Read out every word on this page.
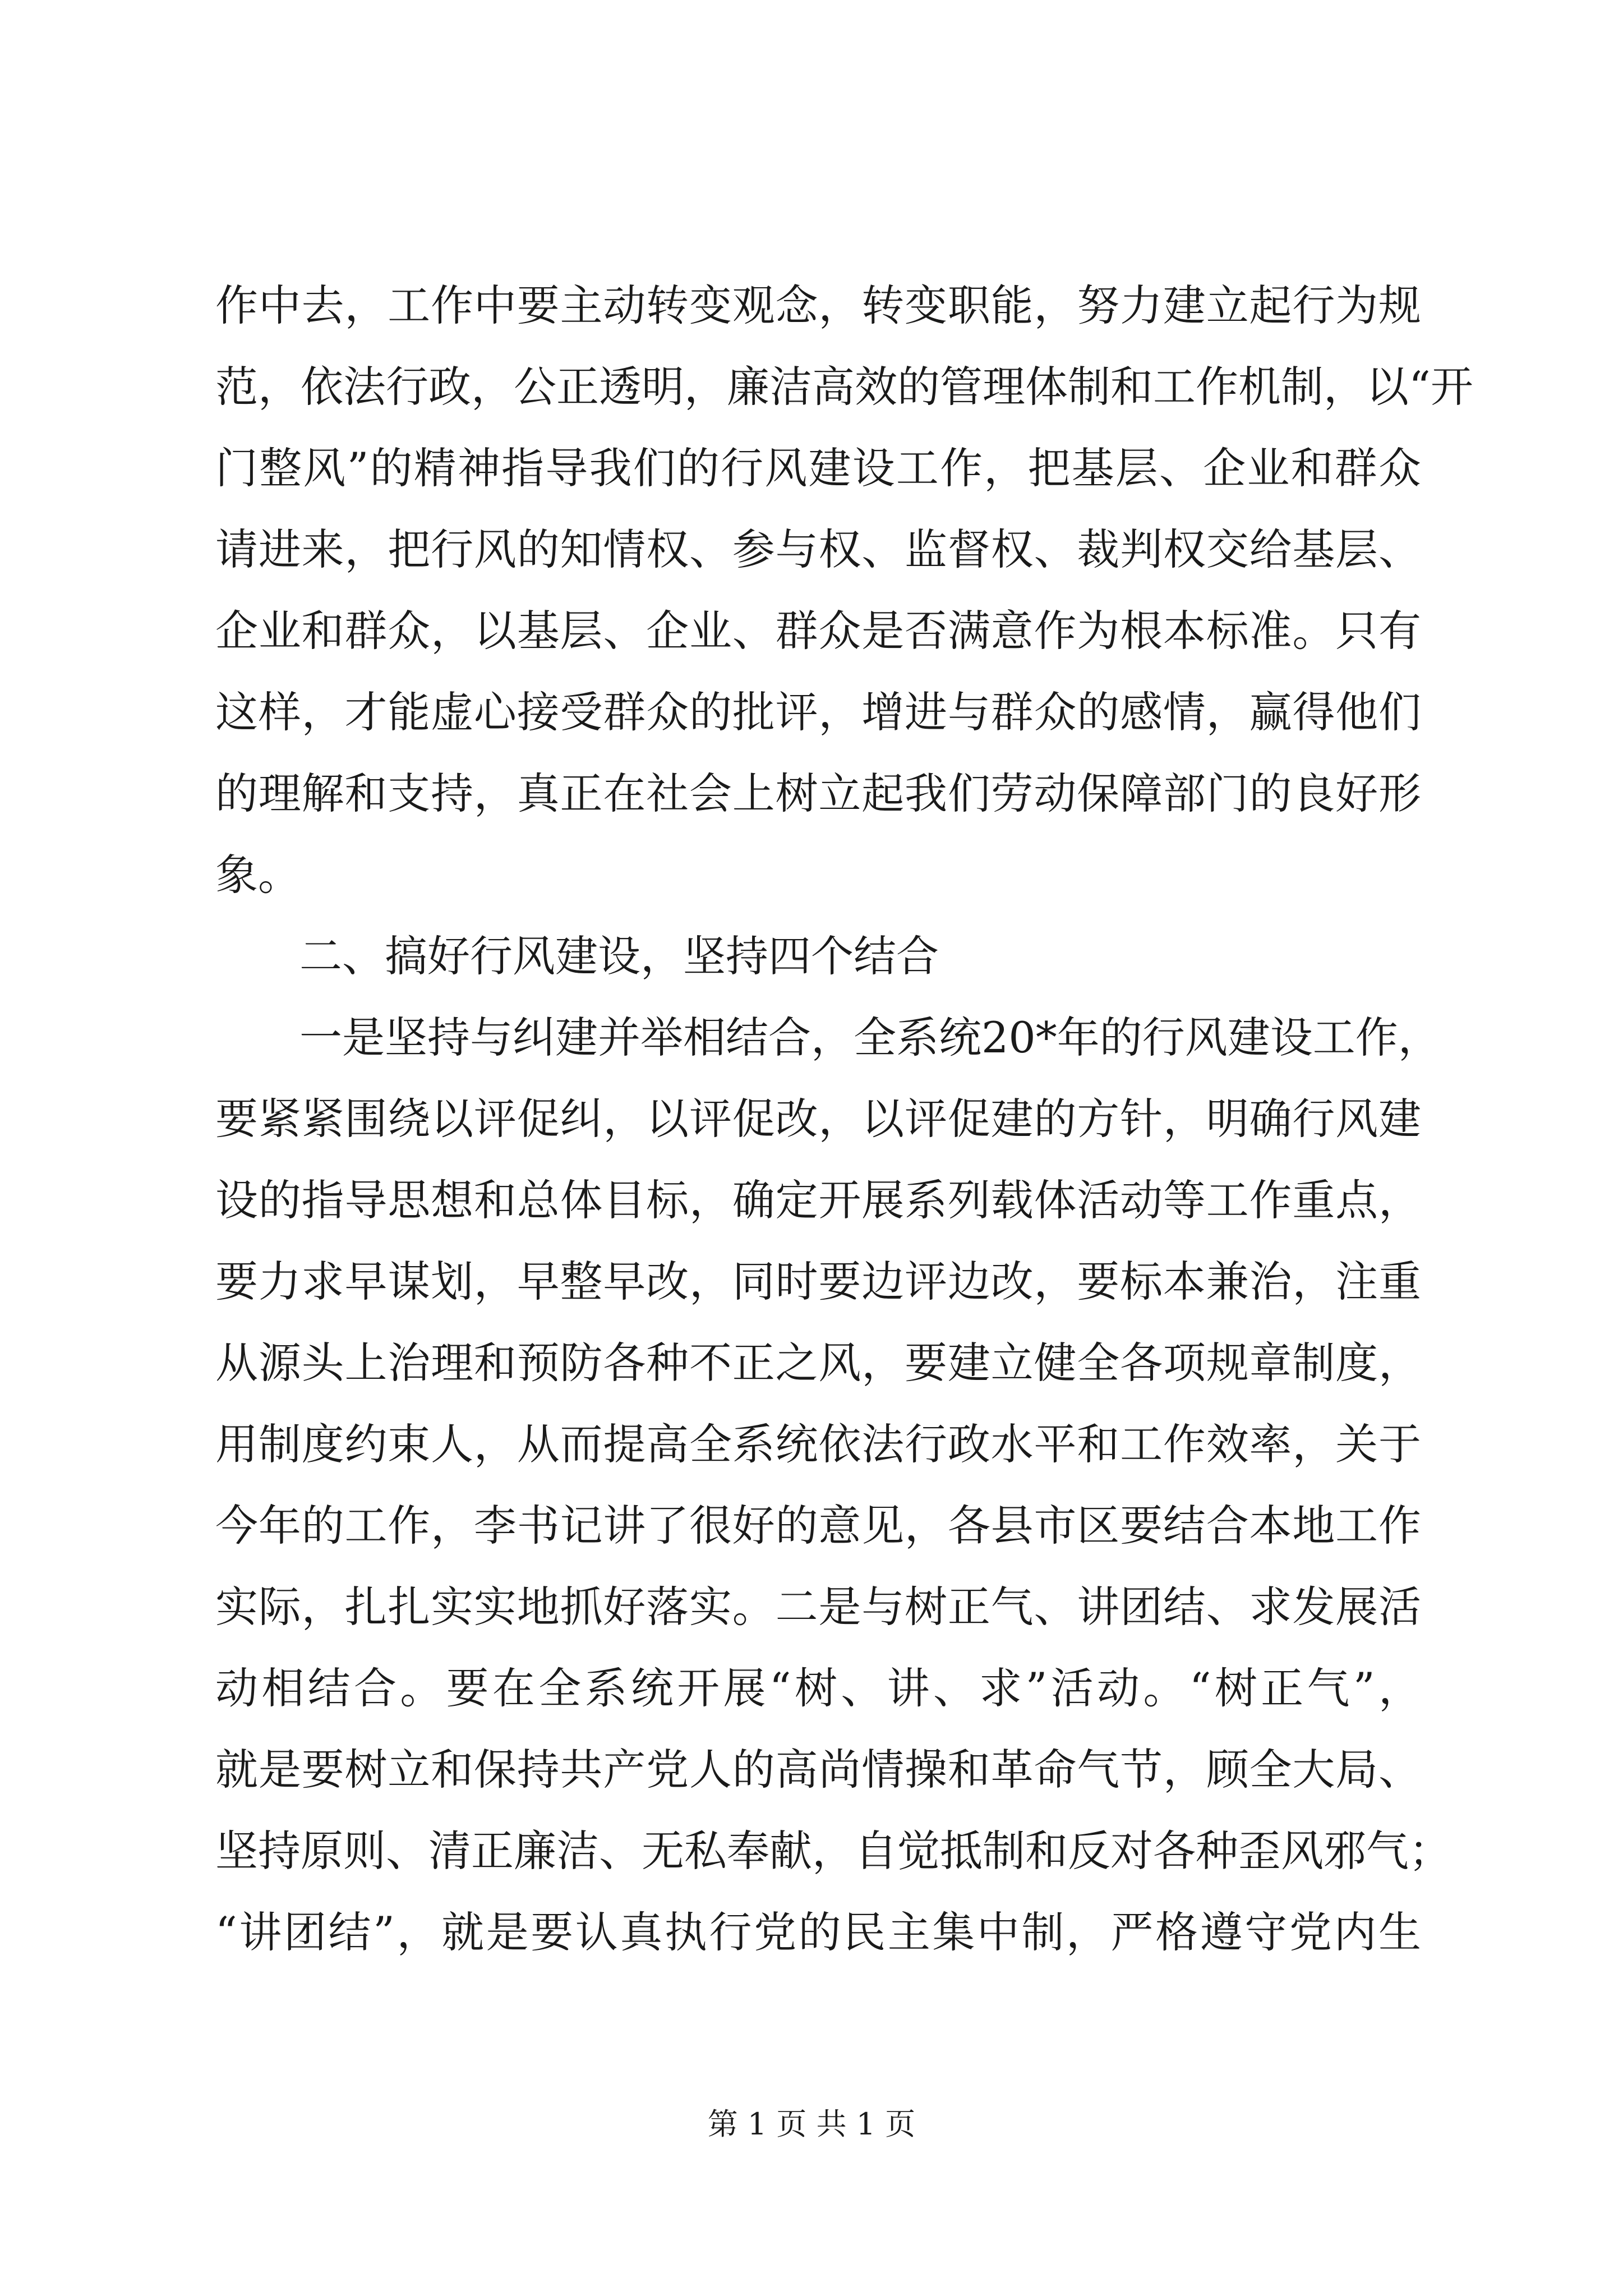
作中去，工作中要主动转变观念，转变职能，努力建立起行为规
范，依法行政，公正透明，廉洁高效的管理体制和工作机制，以“开
门整风”的精神指导我们的行风建设工作，把基层、企业和群众
请进来，把行风的知情权、参与权、监督权、裁判权交给基层、
企业和群众，以基层、企业、群众是否满意作为根本标准。只有
这样，才能虚心接受群众的批评，增进与群众的感情，赢得他们
的理解和支持，真正在社会上树立起我们劳动保障部门的良好形
象。
二、搞好行风建设，坚持四个结合
一是坚持与纠建并举相结合，全系统20*年的行风建设工作，
要紧紧围绕以评促纠，以评促改，以评促建的方针，明确行风建
设的指导思想和总体目标，确定开展系列载体活动等工作重点，
要力求早谋划，早整早改，同时要边评边改，要标本兼治，注重
从源头上治理和预防各种不正之风，要建立健全各项规章制度，
用制度约束人，从而提高全系统依法行政水平和工作效率，关于
今年的工作，李书记讲了很好的意见，各县市区要结合本地工作
实际，扎扎实实地抓好落实。二是与树正气、讲团结、求发展活
动相结合。要在全系统开展“树、讲、求”活动。“树正气”，
就是要树立和保持共产党人的高尚情操和革命气节，顾全大局、
坚持原则、清正廉洁、无私奉献，自觉抵制和反对各种歪风邪气；
“讲团结”，就是要认真执行党的民主集中制，严格遵守党内生
第 1 页 共 1 页
